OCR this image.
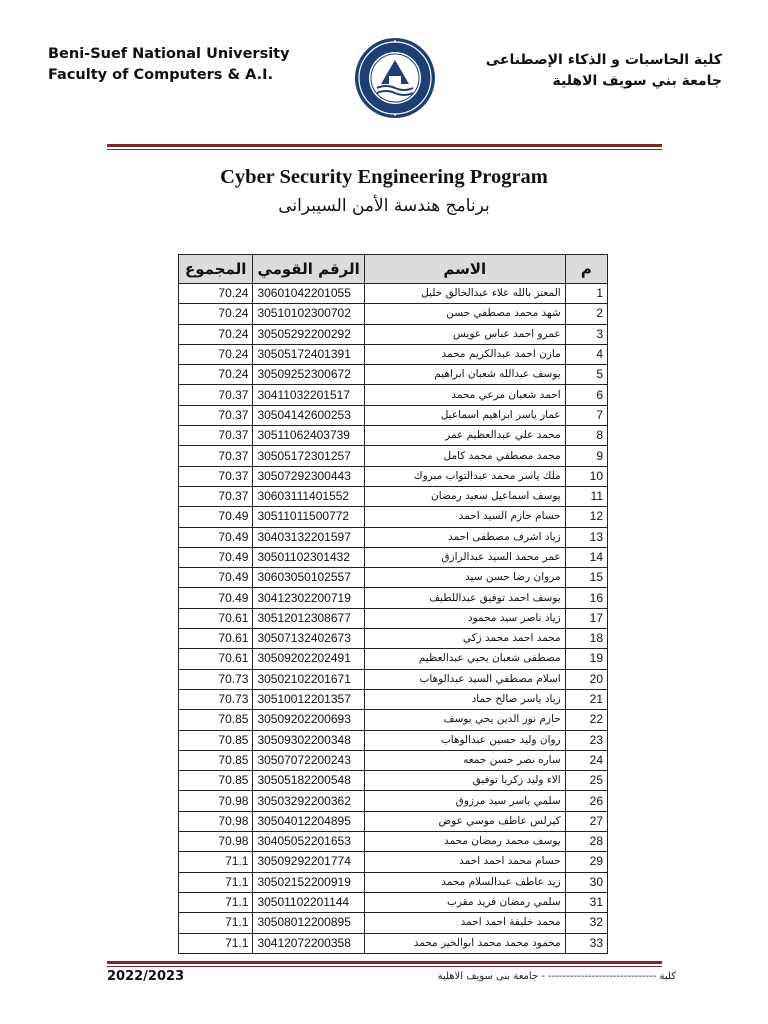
Beni-Suef National University
Faculty of Computers & A.I.
كلية الحاسبات و الذكاء الإصطناعى
جامعة بني سويف الاهلية
Cyber Security Engineering Program
برنامج هندسة الأمن السيبرانى
المجموع	الرقم القومي	الاسم	م
70.24	30601042201055	المعتز بالله علاء عبدالخالق خليل	1
70.24	30510102300702	شهد محمد مصطفي حسن	2
70.24	30505292200292	عمرو احمد عباس عويس	3
70.24	30505172401391	مازن احمد عبدالكريم محمد	4
70.24	30509252300672	يوسف عبدالله شعبان ابراهيم	5
70.37	30411032201517	احمد شعبان مرعي محمد	6
70.37	30504142600253	عمار ياسر ابراهيم اسماعيل	7
70.37	30511062403739	محمد علي عبدالعظيم عمر	8
70.37	30505172301257	محمد مصطفي محمد كامل	9
70.37	30507292300443	ملك ياسر محمد عبدالتواب مبروك	10
70.37	30603111401552	يوسف اسماعيل سعيد رمضان	11
70.49	30511011500772	حسام حازم السيد احمد	12
70.49	30403132201597	زياد اشرف مصطفى احمد	13
70.49	30501102301432	عمر محمد السيد عبدالرازق	14
70.49	30603050102557	مروان رضا حسن سيد	15
70.49	30412302200719	يوسف احمد توفيق عبداللطيف	16
70.61	30512012308677	زياد ناصر سيد محمود	17
70.61	30507132402673	محمد احمد محمد زكي	18
70.61	30509202202491	مصطفى شعبان يحيي عبدالعظيم	19
70.73	30502102201671	اسلام مصطفي السيد عبدالوهاب	20
70.73	30510012201357	زياد ياسر صالح حماد	21
70.85	30509202200693	حازم نور الدين يحي يوسف	22
70.85	30509302200348	روان وليد حسين عبدالوهاب	23
70.85	30507072200243	ساره نصر حسن جمعه	24
70.85	30505182200548	الاء وليد زكريا توفيق	25
70.98	30503292200362	سلمي ياسر سيد مرزوق	26
70.98	30504012204895	كيرلس عاطف موسي عوض	27
70.98	30405052201653	يوسف محمد رمضان محمد	28
71.1	30509292201774	حسام محمد احمد احمد	29
71.1	30502152200919	زيد عاطف عبدالسلام محمد	30
71.1	30501102201144	سلمي رمضان فريد مقرب	31
71.1	30508012200895	محمد خليفة احمد احمد	32
71.1	30412072200358	محمود محمد محمد ابوالخير محمد	33
2022/2023	كلية ------------------------------ - جامعة بنى سويف الاهلية
